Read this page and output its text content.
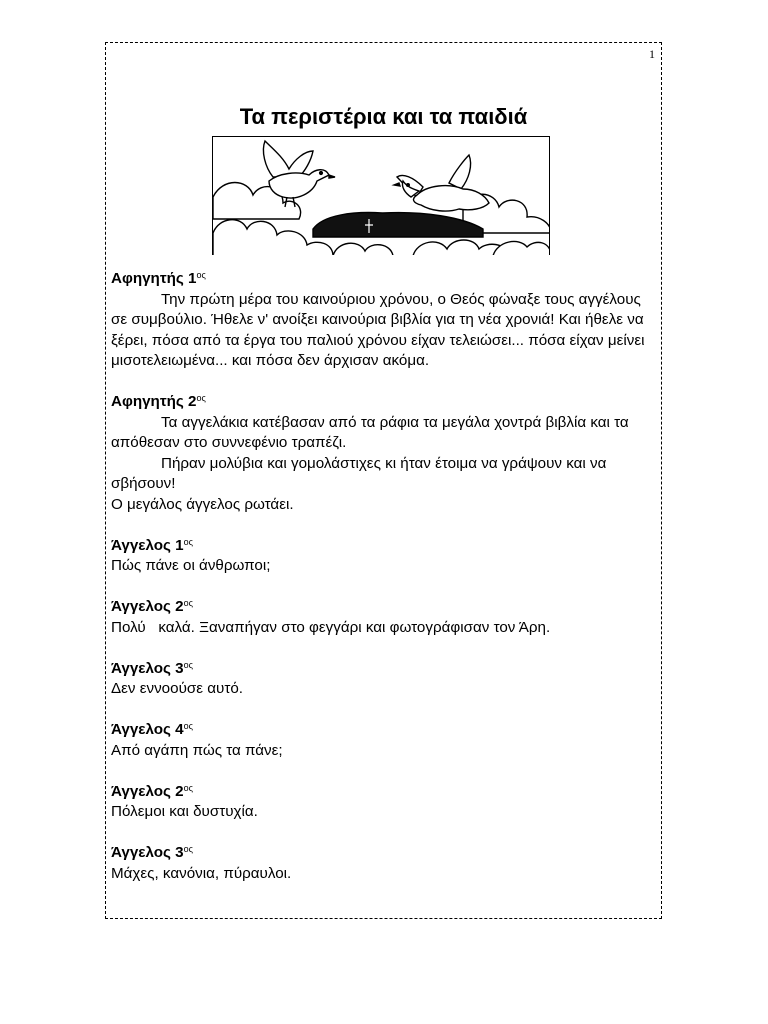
1
Τα περιστέρια και τα παιδιά
Αφηγητής $1^{o\varsigma}$

Την πρώτη μέρα του καινούριου χρόνου, ο Θεός φώναξε τους αγγέλους σε συμβούλιο. Ήθελε ν' ανοίξει καινούρια βιβλία για τη νέα χρονιά! Και ήθελε να ξέρει, πόσα από τα έργα του παλιού χρόνου είχαν τελειώσει... πόσα είχαν μείνει μισοτελειωμένα... και πόσα δεν άρχισαν ακόμα.

Αφηγητής $2^{o\varsigma}$

Τα αγγελάκια κατέβασαν από τα ράφια τα μεγάλα χοντρά βιβλία και τα απόθεσαν στο συννεφένιο τραπέζι.

Πήραν μολύβια και γομολάστιχες κι ήταν έτοιμα να γράψουν και να σβήσουν!

Ο μεγάλος άγγελος ρωτάει.

Άγγελος $1^{o\varsigma}$

Πώς πάνε οι άνθρωποι;

Άγγελος $2^{o\varsigma}$

Πολύ   καλά. Ξαναπήγαν στο φεγγάρι και φωτογράφισαν τον Άρη.

Άγγελος $3^{o\varsigma}$

Δεν εννοούσε αυτό.

Άγγελος $4^{o\varsigma}$

Από αγάπη πώς τα πάνε;

Άγγελος $2^{o\varsigma}$

Πόλεμοι και δυστυχία.

Άγγελος $3^{o\varsigma}$

Μάχες, κανόνια, πύραυλοι.
